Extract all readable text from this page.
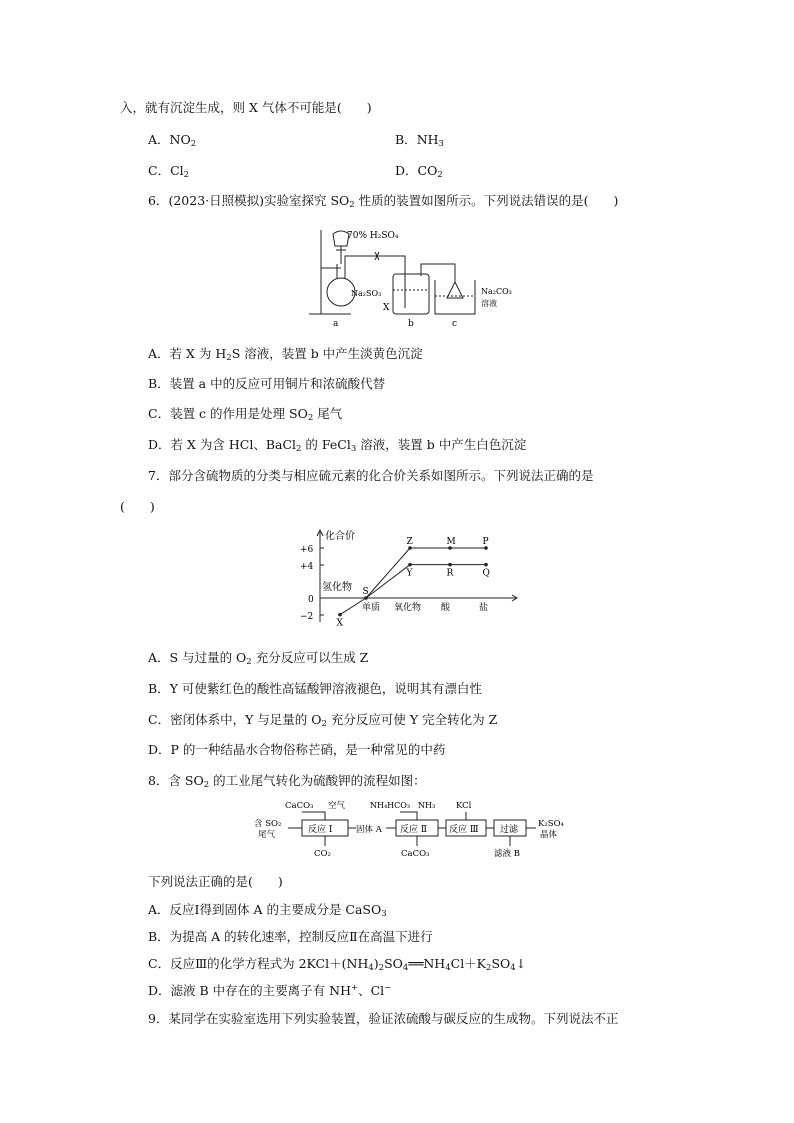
入，就有沉淀生成，则 X 气体不可能是(　　)
A．$NO_2$	B．$NH_3$
C．$Cl_2$	D．$CO_2$
6．(2023·日照模拟)实验室探究 $SO_2$ 性质的装置如图所示。下列说法错误的是(　　)
70% H₂SO₄
Na₂SO₃
X
Na₂CO₃
溶液
a	b	c
A．若 X 为 $H_2S$ 溶液，装置 b 中产生淡黄色沉淀
B．装置 a 中的反应可用铜片和浓硫酸代替
C．装置 c 的作用是处理 $SO_2$ 尾气
D．若 X 为含 HCl、BaCl$_2$ 的 FeCl$_3$ 溶液，装置 b 中产生白色沉淀
7．部分含硫物质的分类与相应硫元素的化合价关系如图所示。下列说法正确的是
(　　)
X
S
Z	M	P
Y	R	Q
化合价
+6
+4
0
−2
氢化物
单质 氧化物 酸	盐
A．S 与过量的 $O_2$ 充分反应可以生成 Z
B．Y 可使紫红色的酸性高锰酸钾溶液褪色，说明其有漂白性
C．密闭体系中，Y 与足量的 $O_2$ 充分反应可使 Y 完全转化为 Z
D．P 的一种结晶水合物俗称芒硝，是一种常见的中药
8．含 $SO_2$ 的工业尾气转化为硫酸钾的流程如图：
含 SO₂
尾气
CaCO₃ 空气
反应 Ⅰ
CO₂
固体 A
NH₄HCO₃ NH₃
反应 Ⅱ
CaCO₃
KCl
反应 Ⅲ 过滤
滤液 B
K₂SO₄
晶体
下列说法正确的是(　　)
A．反应Ⅰ得到固体 A 的主要成分是 CaSO$_3$
B．为提高 A 的转化速率，控制反应Ⅱ在高温下进行
C．反应Ⅲ的化学方程式为 $2KCl+(NH_4)_2SO_4══NH_4Cl+K_2SO_4↓$
D．滤液 B 中存在的主要离子有 NH+、Cl−
9．某同学在实验室选用下列实验装置，验证浓硫酸与碳反应的生成物。下列说法不正
